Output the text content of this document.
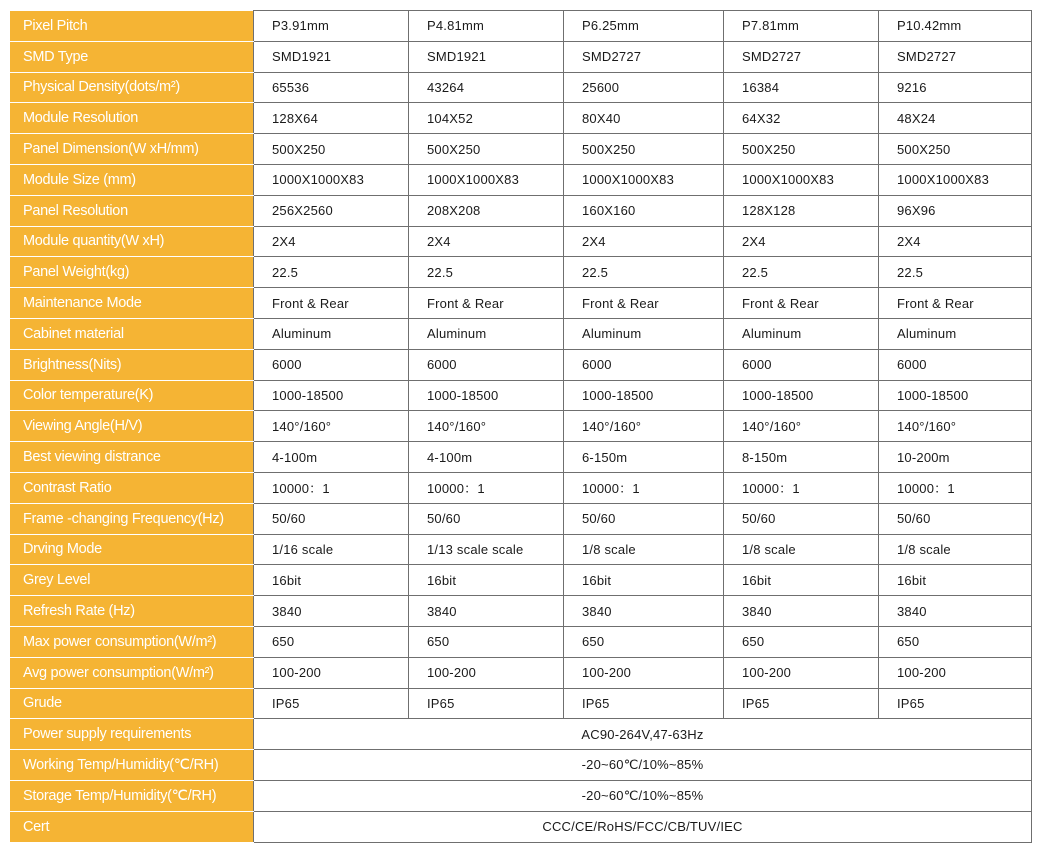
Pixel Pitch	P3.91mm	P4.81mm	P6.25mm	P7.81mm	P10.42mm
SMD Type	SMD1921	SMD1921	SMD2727	SMD2727	SMD2727
Physical Density(dots/m²)	65536	43264	25600	16384	9216
Module Resolution	128X64	104X52	80X40	64X32	48X24
Panel Dimension(W xH/mm)	500X250	500X250	500X250	500X250	500X250
Module Size (mm)	1000X1000X83	1000X1000X83	1000X1000X83	1000X1000X83	1000X1000X83
Panel Resolution	256X2560	208X208	160X160	128X128	96X96
Module quantity(W xH)	2X4	2X4	2X4	2X4	2X4
Panel Weight(kg)	22.5	22.5	22.5	22.5	22.5
Maintenance Mode	Front & Rear	Front & Rear	Front & Rear	Front & Rear	Front & Rear
Cabinet material	Aluminum	Aluminum	Aluminum	Aluminum	Aluminum
Brightness(Nits)	6000	6000	6000	6000	6000
Color temperature(K)	1000-18500	1000-18500	1000-18500	1000-18500	1000-18500
Viewing Angle(H/V)	140°/160°	140°/160°	140°/160°	140°/160°	140°/160°
Best viewing distrance	4-100m	4-100m	6-150m	8-150m	10-200m
Contrast Ratio	10000：1	10000：1	10000：1	10000：1	10000：1
Frame -changing Frequency(Hz)	50/60	50/60	50/60	50/60	50/60
Drving Mode	1/16 scale	1/13 scale scale	1/8 scale	1/8 scale	1/8 scale
Grey Level	16bit	16bit	16bit	16bit	16bit
Refresh Rate (Hz)	3840	3840	3840	3840	3840
Max power consumption(W/m²)	650	650	650	650	650
Avg power consumption(W/m²)	100-200	100-200	100-200	100-200	100-200
Grude	IP65	IP65	IP65	IP65	IP65
Power supply requirements	AC90-264V,47-63Hz				
Working Temp/Humidity(℃/RH)	-20~60℃/10%~85%				
Storage Temp/Humidity(℃/RH)	-20~60℃/10%~85%				
Cert	CCC/CE/RoHS/FCC/CB/TUV/IEC				
